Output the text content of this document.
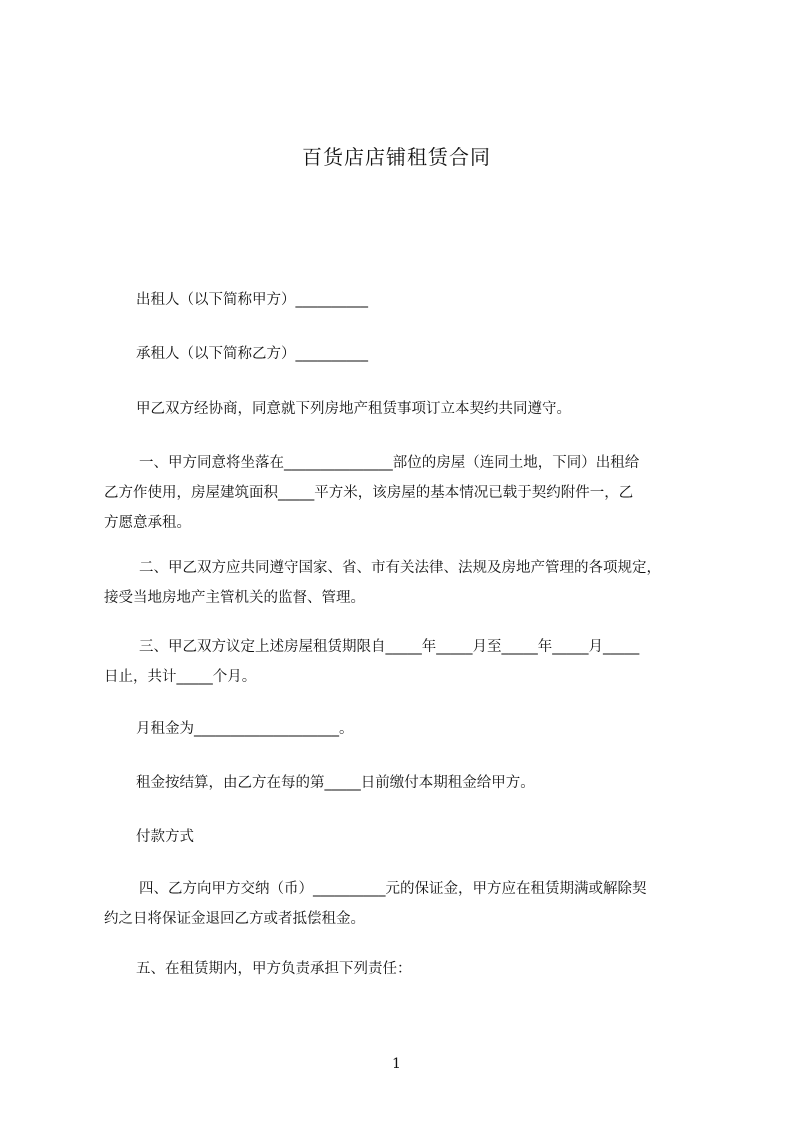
百货店店铺租赁合同

出租人（以下简称甲方）__________

承租人（以下简称乙方）__________

甲乙双方经协商，同意就下列房地产租赁事项订立本契约共同遵守。

一、甲方同意将坐落在_______________部位的房屋（连同土地，下同）出租给
乙方作使用，房屋建筑面积_____平方米，该房屋的基本情况已载于契约附件一，乙
方愿意承租。
二、甲乙双方应共同遵守国家、省、市有关法律、法规及房地产管理的各项规定，
接受当地房地产主管机关的监督、管理。
三、甲乙双方议定上述房屋租赁期限自_____年_____月至_____年_____月_____
日止，共计_____个月。

月租金为____________________。

租金按结算，由乙方在每的第_____日前缴付本期租金给甲方。

付款方式

四、乙方向甲方交纳（币）__________元的保证金，甲方应在租赁期满或解除契
约之日将保证金退回乙方或者抵偿租金。

五、在租赁期内，甲方负责承担下列责任：

1
